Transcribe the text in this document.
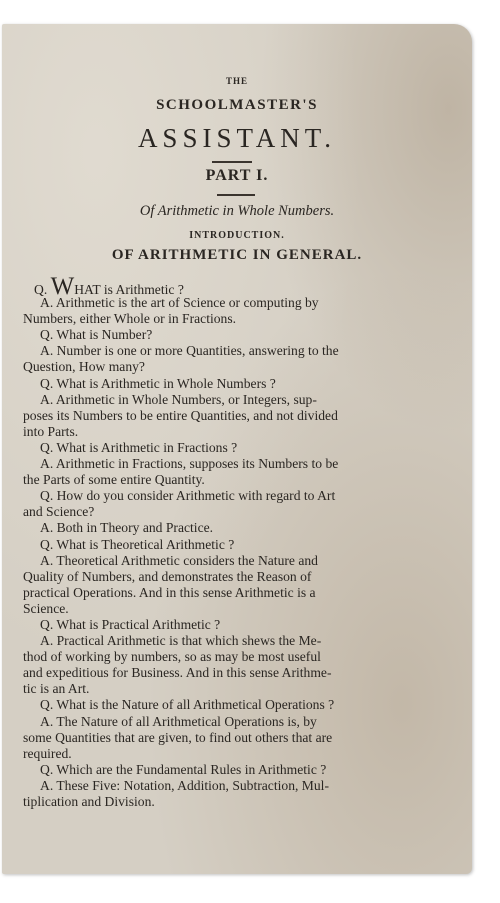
THE
SCHOOLMASTER'S
ASSISTANT.
PART I.
Of Arithmetic in Whole Numbers.
INTRODUCTION.
OF ARITHMETIC IN GENERAL.
Q. WHAT is Arithmetic ?
A. Arithmetic is the art of Science or computing by
Numbers, either Whole or in Fractions.
Q. What is Number?
A. Number is one or more Quantities, answering to the
Question, How many?
Q. What is Arithmetic in Whole Numbers ?
A. Arithmetic in Whole Numbers, or Integers, sup-
poses its Numbers to be entire Quantities, and not divided
into Parts.
Q. What is Arithmetic in Fractions ?
A. Arithmetic in Fractions, supposes its Numbers to be
the Parts of some entire Quantity.
Q. How do you consider Arithmetic with regard to Art
and Science?
A. Both in Theory and Practice.
Q. What is Theoretical Arithmetic ?
A. Theoretical Arithmetic considers the Nature and
Quality of Numbers, and demonstrates the Reason of
practical Operations. And in this sense Arithmetic is a
Science.
Q. What is Practical Arithmetic ?
A. Practical Arithmetic is that which shews the Me-
thod of working by numbers, so as may be most useful
and expeditious for Business. And in this sense Arithme-
tic is an Art.
Q. What is the Nature of all Arithmetical Operations ?
A. The Nature of all Arithmetical Operations is, by
some Quantities that are given, to find out others that are
required.
Q. Which are the Fundamental Rules in Arithmetic ?
A. These Five: Notation, Addition, Subtraction, Mul-
tiplication and Division.
